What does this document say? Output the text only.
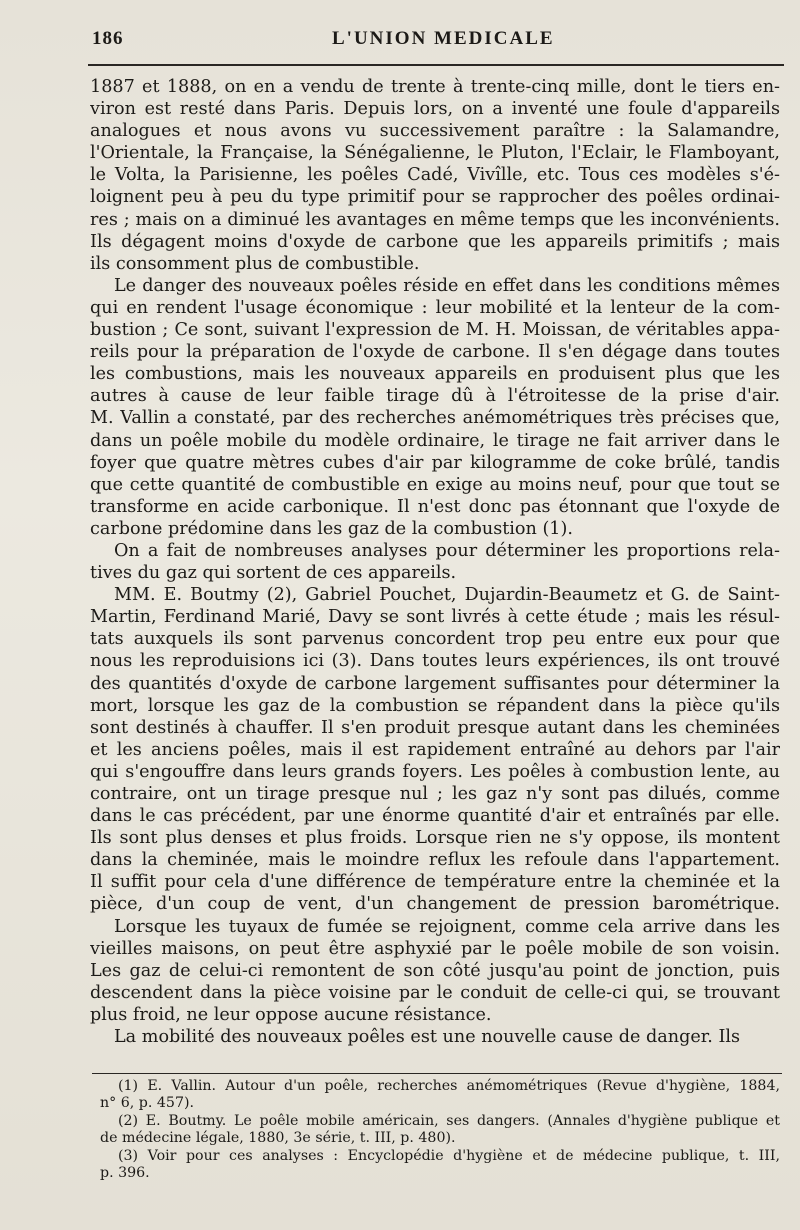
186	L'UNION MEDICALE
1887 et 1888, on en a vendu de trente à trente-cinq mille, dont le tiers en-
viron est resté dans Paris. Depuis lors, on a inventé une foule d'appareils
analogues et nous avons vu successivement paraître : la Salamandre,
l'Orientale, la Française, la Sénégalienne, le Pluton, l'Eclair, le Flamboyant,
le Volta, la Parisienne, les poêles Cadé, Vivîlle, etc. Tous ces modèles s'é-
loignent peu à peu du type primitif pour se rapprocher des poêles ordinai-
res ; mais on a diminué les avantages en même temps que les inconvénients.
Ils dégagent moins d'oxyde de carbone que les appareils primitifs ; mais
ils consomment plus de combustible.
Le danger des nouveaux poêles réside en effet dans les conditions mêmes
qui en rendent l'usage économique : leur mobilité et la lenteur de la com-
bustion ; Ce sont, suivant l'expression de M. H. Moissan, de véritables appa-
reils pour la préparation de l'oxyde de carbone. Il s'en dégage dans toutes
les combustions, mais les nouveaux appareils en produisent plus que les
autres à cause de leur faible tirage dû à l'étroitesse de la prise d'air.
M. Vallin a constaté, par des recherches anémométriques très précises que,
dans un poêle mobile du modèle ordinaire, le tirage ne fait arriver dans le
foyer que quatre mètres cubes d'air par kilogramme de coke brûlé, tandis
que cette quantité de combustible en exige au moins neuf, pour que tout se
transforme en acide carbonique. Il n'est donc pas étonnant que l'oxyde de
carbone prédomine dans les gaz de la combustion (1).
On a fait de nombreuses analyses pour déterminer les proportions rela-
tives du gaz qui sortent de ces appareils.
MM. E. Boutmy (2), Gabriel Pouchet, Dujardin-Beaumetz et G. de Saint-
Martin, Ferdinand Marié, Davy se sont livrés à cette étude ; mais les résul-
tats auxquels ils sont parvenus concordent trop peu entre eux pour que
nous les reproduisions ici (3). Dans toutes leurs expériences, ils ont trouvé
des quantités d'oxyde de carbone largement suffisantes pour déterminer la
mort, lorsque les gaz de la combustion se répandent dans la pièce qu'ils
sont destinés à chauffer. Il s'en produit presque autant dans les cheminées
et les anciens poêles, mais il est rapidement entraîné au dehors par l'air
qui s'engouffre dans leurs grands foyers. Les poêles à combustion lente, au
contraire, ont un tirage presque nul ; les gaz n'y sont pas dilués, comme
dans le cas précédent, par une énorme quantité d'air et entraînés par elle.
Ils sont plus denses et plus froids. Lorsque rien ne s'y oppose, ils montent
dans la cheminée, mais le moindre reflux les refoule dans l'appartement.
Il suffit pour cela d'une différence de température entre la cheminée et la
pièce, d'un coup de vent, d'un changement de pression barométrique.
Lorsque les tuyaux de fumée se rejoignent, comme cela arrive dans les
vieilles maisons, on peut être asphyxié par le poêle mobile de son voisin.
Les gaz de celui-ci remontent de son côté jusqu'au point de jonction, puis
descendent dans la pièce voisine par le conduit de celle-ci qui, se trouvant
plus froid, ne leur oppose aucune résistance.
La mobilité des nouveaux poêles est une nouvelle cause de danger. Ils
(1) E. Vallin. Autour d'un poêle, recherches anémométriques (Revue d'hygiène, 1884,
n° 6, p. 457).
(2) E. Boutmy. Le poêle mobile américain, ses dangers. (Annales d'hygiène publique et
de médecine légale, 1880, 3e série, t. III, p. 480).
(3) Voir pour ces analyses : Encyclopédie d'hygiène et de médecine publique, t. III,
p. 396.
